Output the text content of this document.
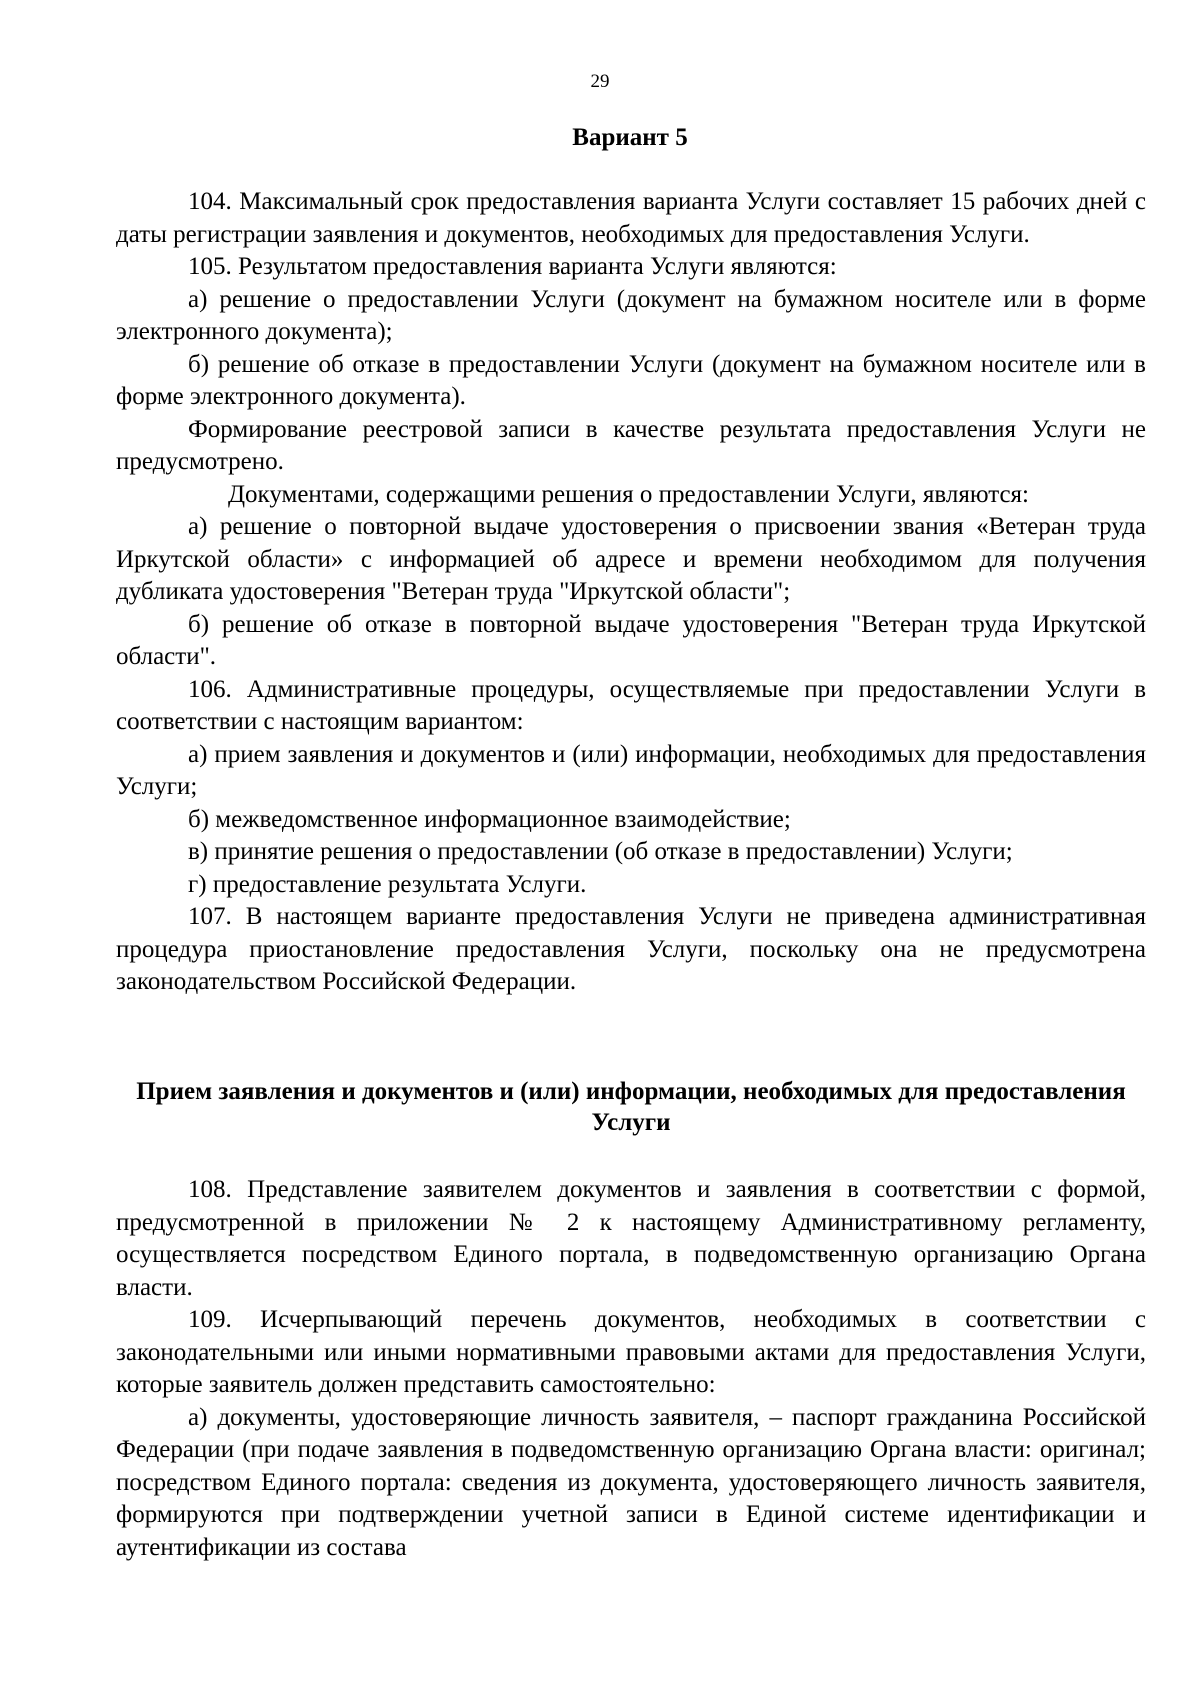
29
Вариант 5

104. Максимальный срок предоставления варианта Услуги составляет 15 рабочих дней с даты регистрации заявления и документов, необходимых для предоставления Услуги.

105. Результатом предоставления варианта Услуги являются:

а) решение о предоставлении Услуги (документ на бумажном носителе или в форме электронного документа);

б) решение об отказе в предоставлении Услуги (документ на бумажном носителе или в форме электронного документа).

Формирование реестровой записи в качестве результата предоставления Услуги не предусмотрено.

Документами, содержащими решения о предоставлении Услуги, являются:

а) решение о повторной выдаче удостоверения о присвоении звания «Ветеран труда Иркутской области» с информацией об адресе и времени необходимом для получения дубликата удостоверения "Ветеран труда "Иркутской области";

б) решение об отказе в повторной выдаче удостоверения "Ветеран труда Иркутской области".

106. Административные процедуры, осуществляемые при предоставлении Услуги в соответствии с настоящим вариантом:

а) прием заявления и документов и (или) информации, необходимых для предоставления Услуги;

б) межведомственное информационное взаимодействие;

в) принятие решения о предоставлении (об отказе в предоставлении) Услуги;

г) предоставление результата Услуги.

107. В настоящем варианте предоставления Услуги не приведена административная процедура приостановление предоставления Услуги, поскольку она не предусмотрена законодательством Российской Федерации.

Прием заявления и документов и (или) информации, необходимых для предоставления Услуги

108. Представление заявителем документов и заявления в соответствии с формой, предусмотренной в приложении № 2 к настоящему Административному регламенту, осуществляется посредством Единого портала, в подведомственную организацию Органа власти.

109. Исчерпывающий перечень документов, необходимых в соответствии с законодательными или иными нормативными правовыми актами для предоставления Услуги, которые заявитель должен представить самостоятельно:

а) документы, удостоверяющие личность заявителя, – паспорт гражданина Российской Федерации (при подаче заявления в подведомственную организацию Органа власти: оригинал; посредством Единого портала: сведения из документа, удостоверяющего личность заявителя, формируются при подтверждении учетной записи в Единой системе идентификации и аутентификации из состава
